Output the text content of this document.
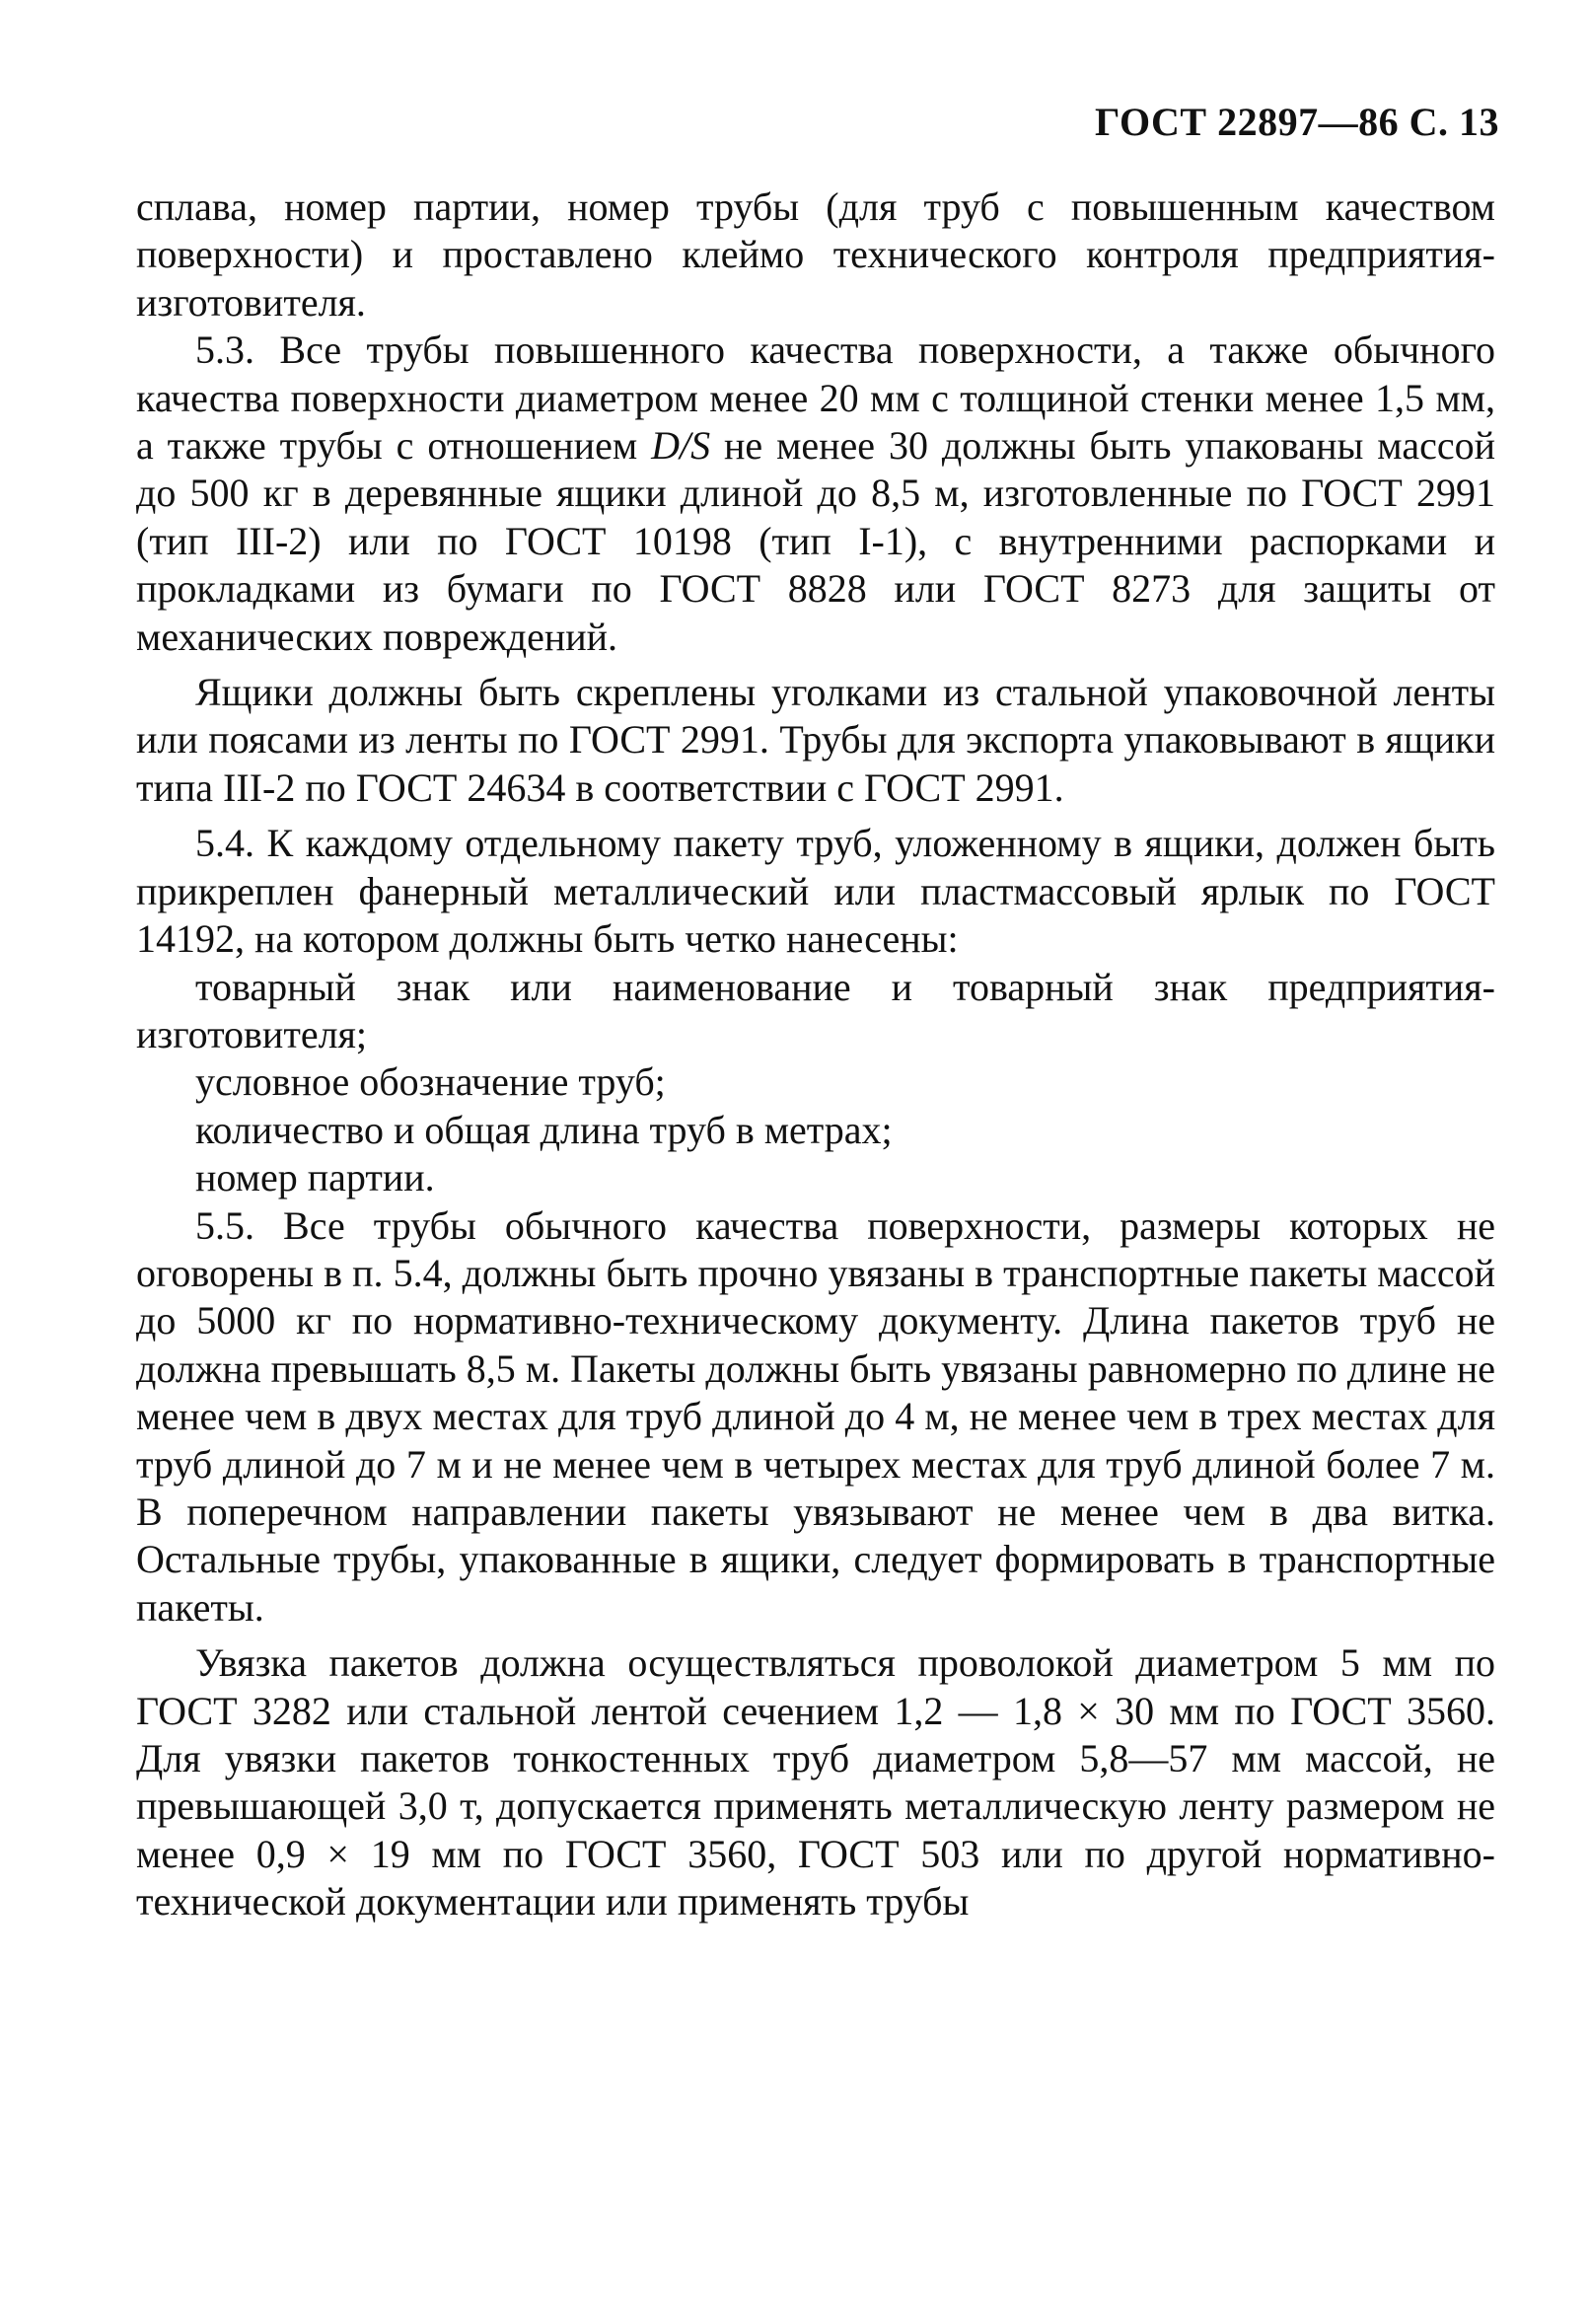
ГОСТ 22897—86 С. 13

сплава, номер партии, номер трубы (для труб с повышенным качеством поверхности) и проставлено клеймо технического контроля предприятия-изготовителя.

5.3. Все трубы повышенного качества поверхности, а также обычного качества поверхности диаметром менее 20 мм с толщиной стенки менее 1,5 мм, а также трубы с отношением D/S не менее 30 должны быть упакованы массой до 500 кг в деревянные ящики длиной до 8,5 м, изготовленные по ГОСТ 2991 (тип III-2) или по ГОСТ 10198 (тип I-1), с внутренними распорками и прокладками из бумаги по ГОСТ 8828 или ГОСТ 8273 для защиты от механических повреждений.

Ящики должны быть скреплены уголками из стальной упаковочной ленты или поясами из ленты по ГОСТ 2991. Трубы для экспорта упаковывают в ящики типа III-2 по ГОСТ 24634 в соответствии с ГОСТ 2991.

5.4. К каждому отдельному пакету труб, уложенному в ящики, должен быть прикреплен фанерный металлический или пластмассовый ярлык по ГОСТ 14192, на котором должны быть четко нанесены:

товарный знак или наименование и товарный знак предприятия-изготовителя;

условное обозначение труб;

количество и общая длина труб в метрах;

номер партии.

5.5. Все трубы обычного качества поверхности, размеры которых не оговорены в п. 5.4, должны быть прочно увязаны в транспортные пакеты массой до 5000 кг по нормативно-техническому документу. Длина пакетов труб не должна превышать 8,5 м. Пакеты должны быть увязаны равномерно по длине не менее чем в двух местах для труб длиной до 4 м, не менее чем в трех местах для труб длиной до 7 м и не менее чем в четырех местах для труб длиной более 7 м. В поперечном направлении пакеты увязывают не менее чем в два витка. Остальные трубы, упакованные в ящики, следует формировать в транспортные пакеты.

Увязка пакетов должна осуществляться проволокой диаметром 5 мм по ГОСТ 3282 или стальной лентой сечением 1,2 — 1,8 × 30 мм по ГОСТ 3560. Для увязки пакетов тонкостенных труб диаметром 5,8—57 мм массой, не превышающей 3,0 т, допускается применять металлическую ленту размером не менее 0,9 × 19 мм по ГОСТ 3560, ГОСТ 503 или по другой нормативно-технической документации или применять трубы
